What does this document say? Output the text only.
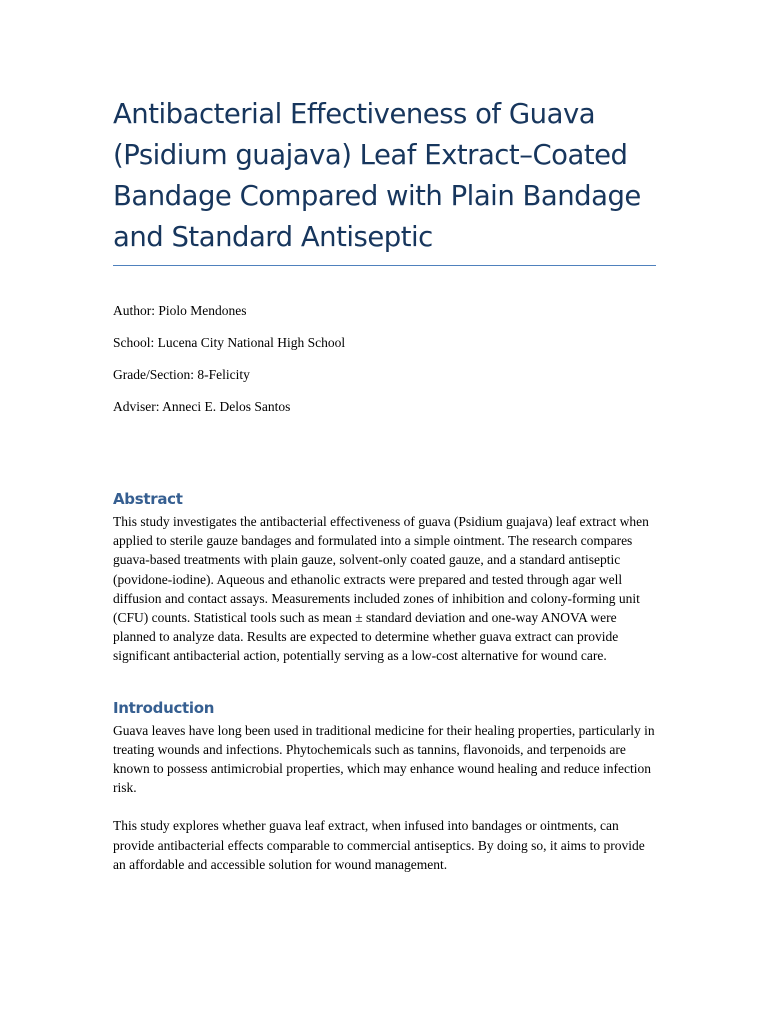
Antibacterial Effectiveness of Guava (Psidium guajava) Leaf Extract–Coated Bandage Compared with Plain Bandage and Standard Antiseptic

Author: Piolo Mendones

School: Lucena City National High School

Grade/Section: 8-Felicity

Adviser: Anneci E. Delos Santos

Abstract

This study investigates the antibacterial effectiveness of guava (Psidium guajava) leaf extract when applied to sterile gauze bandages and formulated into a simple ointment. The research compares guava-based treatments with plain gauze, solvent-only coated gauze, and a standard antiseptic (povidone-iodine). Aqueous and ethanolic extracts were prepared and tested through agar well diffusion and contact assays. Measurements included zones of inhibition and colony-forming unit (CFU) counts. Statistical tools such as mean ± standard deviation and one-way ANOVA were planned to analyze data. Results are expected to determine whether guava extract can provide significant antibacterial action, potentially serving as a low-cost alternative for wound care.

Introduction

Guava leaves have long been used in traditional medicine for their healing properties, particularly in treating wounds and infections. Phytochemicals such as tannins, flavonoids, and terpenoids are known to possess antimicrobial properties, which may enhance wound healing and reduce infection risk.

This study explores whether guava leaf extract, when infused into bandages or ointments, can provide antibacterial effects comparable to commercial antiseptics. By doing so, it aims to provide an affordable and accessible solution for wound management.
